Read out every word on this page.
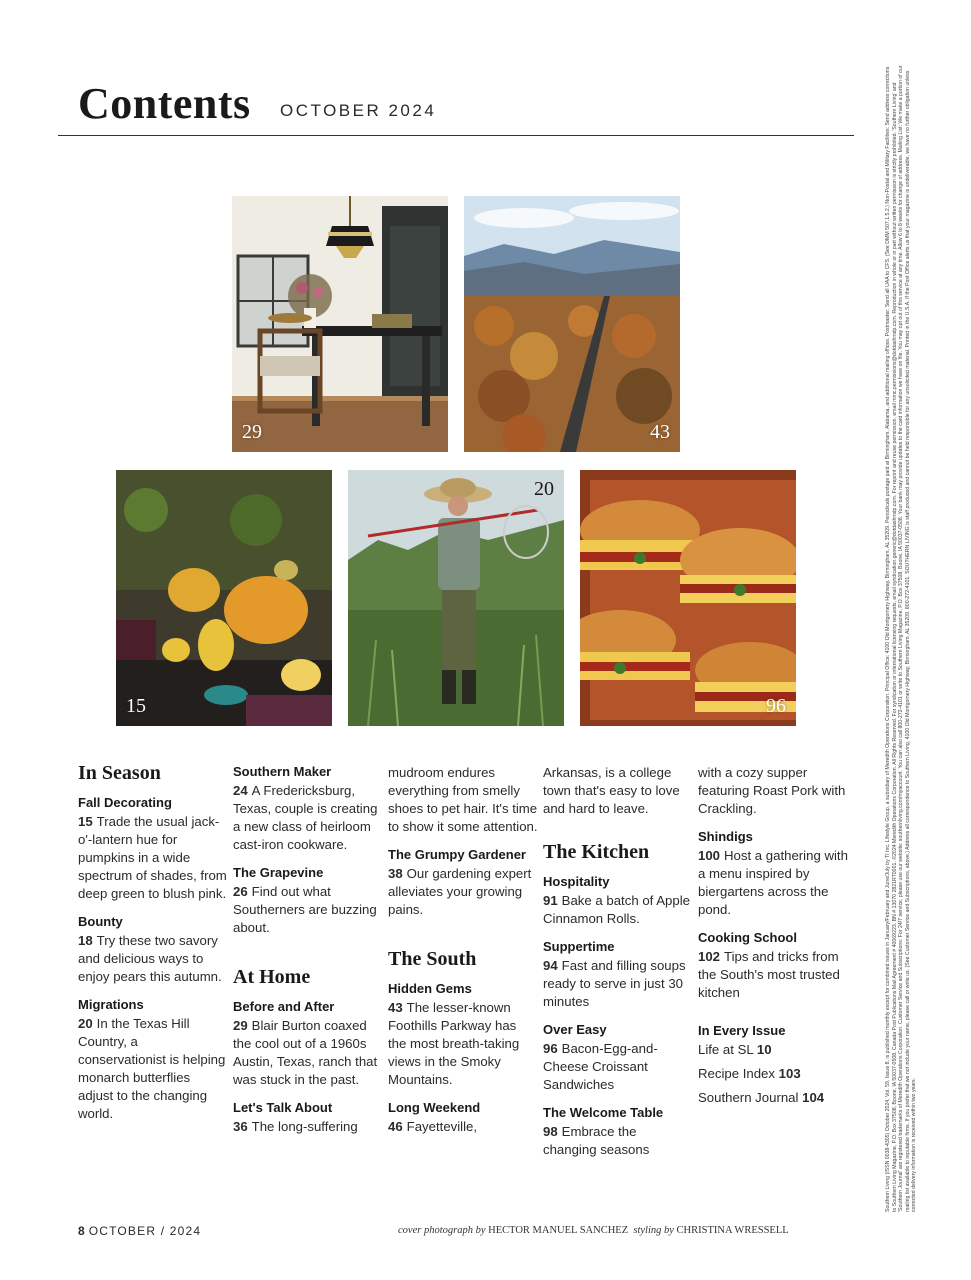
Contents OCTOBER 2024
29	43
15
20
96
In Season
Fall Decorating
15 Trade the usual jack-o'-lantern hue for pumpkins in a wide spectrum of shades, from deep green to blush pink.
Bounty
18 Try these two savory and delicious ways to enjoy pears this autumn.
Migrations
20 In the Texas Hill Country, a conservationist is helping monarch butterflies adjust to the changing world.
Southern Maker
24 A Fredericksburg, Texas, couple is creating a new class of heirloom cast-iron cookware.
The Grapevine
26 Find out what Southerners are buzzing about.
At Home
Before and After
29 Blair Burton coaxed the cool out of a 1960s Austin, Texas, ranch that was stuck in the past.
Let's Talk About
36 The long-suffering
mudroom endures everything from smelly shoes to pet hair. It's time to show it some attention.
The Grumpy Gardener
38 Our gardening expert alleviates your growing pains.
The South
Hidden Gems
43 The lesser-known Foothills Parkway has the most breath-taking views in the Smoky Mountains.
Long Weekend
46 Fayetteville,
Arkansas, is a college town that's easy to love and hard to leave.
The Kitchen
Hospitality
91 Bake a batch of Apple Cinnamon Rolls.
Suppertime
94 Fast and filling soups ready to serve in just 30 minutes
Over Easy
96 Bacon-Egg-and-Cheese Croissant Sandwiches
The Welcome Table
98 Embrace the changing seasons
with a cozy supper featuring Roast Pork with Crackling.
Shindigs
100 Host a gathering with a menu inspired by biergartens across the pond.
Cooking School
102 Tips and tricks from the South's most trusted kitchen
In Every Issue
Life at SL 10
Recipe Index 103
Southern Journal 104
8 OCTOBER / 2024	cover photograph by HECTOR MANUEL SANCHEZ styling by CHRISTINA WRESSELL
Southern Living (ISSN 0038-4305) October 2024, Vol. 59, Issue 8, is published monthly except for combined issues in January/February and June/July by TI Inc. Lifestyle Group, a subsidiary of Meredith Operations Corporation. Principal Office: 4100 Old Montgomery Highway, Birmingham, AL 35209. Periodicals postage paid at Birmingham, Alabama, and additional mailing offices. Postmaster: Send all UAA to CFS. (See DMM 507.1.5.2.) Non-Postal and Military Facilities: Send address corrections to Southern Living Magazine, P.O. Box 37508, Boone, IA 50037-0508. Canada Post Publications Mail Agreement # 40069223. BN # 13070 2821RT0001. ©2024 Meredith Operations Corporation. All Rights Reserved. For syndication or international licensing requests, email syndication.generic@dotdashmdp.com. For reprint and reuse permission, email mmc.permissions@dotdashmdp.com. Reproduction in whole or in part without written permission is strictly prohibited. 'Southern Living' and 'Southern Journal' are registered trademarks of Meredith Operations Corporation. Customer Service and Subscriptions: For 24/7 service, please use our website: southernliving.com/myaccount. You can also call 800-272-4101 or write to Southern Living Magazine, P.O. Box 37508, Boone, IA 50037-0508. Your bank may provide updates to the card information we have on file. You may opt out of this service at any time. Allow 6 to 8 weeks for change of address. Mailing List: We make a portion of our mailing list available to reputable firms. If you prefer that we not include your name, please call or write us. (See Customer Service and Subscriptions, above.) Address all correspondence to Southern Living, 4100 Old Montgomery Highway, Birmingham, AL 35209. 800-272-4101. SOUTHERN LIVING is staff produced and cannot be held responsible for any unsolicited material. Printed in the U.S.A. If the Post Office alerts us that your magazine is undeliverable, we have no further obligation unless corrected delivery information is received within two years.
